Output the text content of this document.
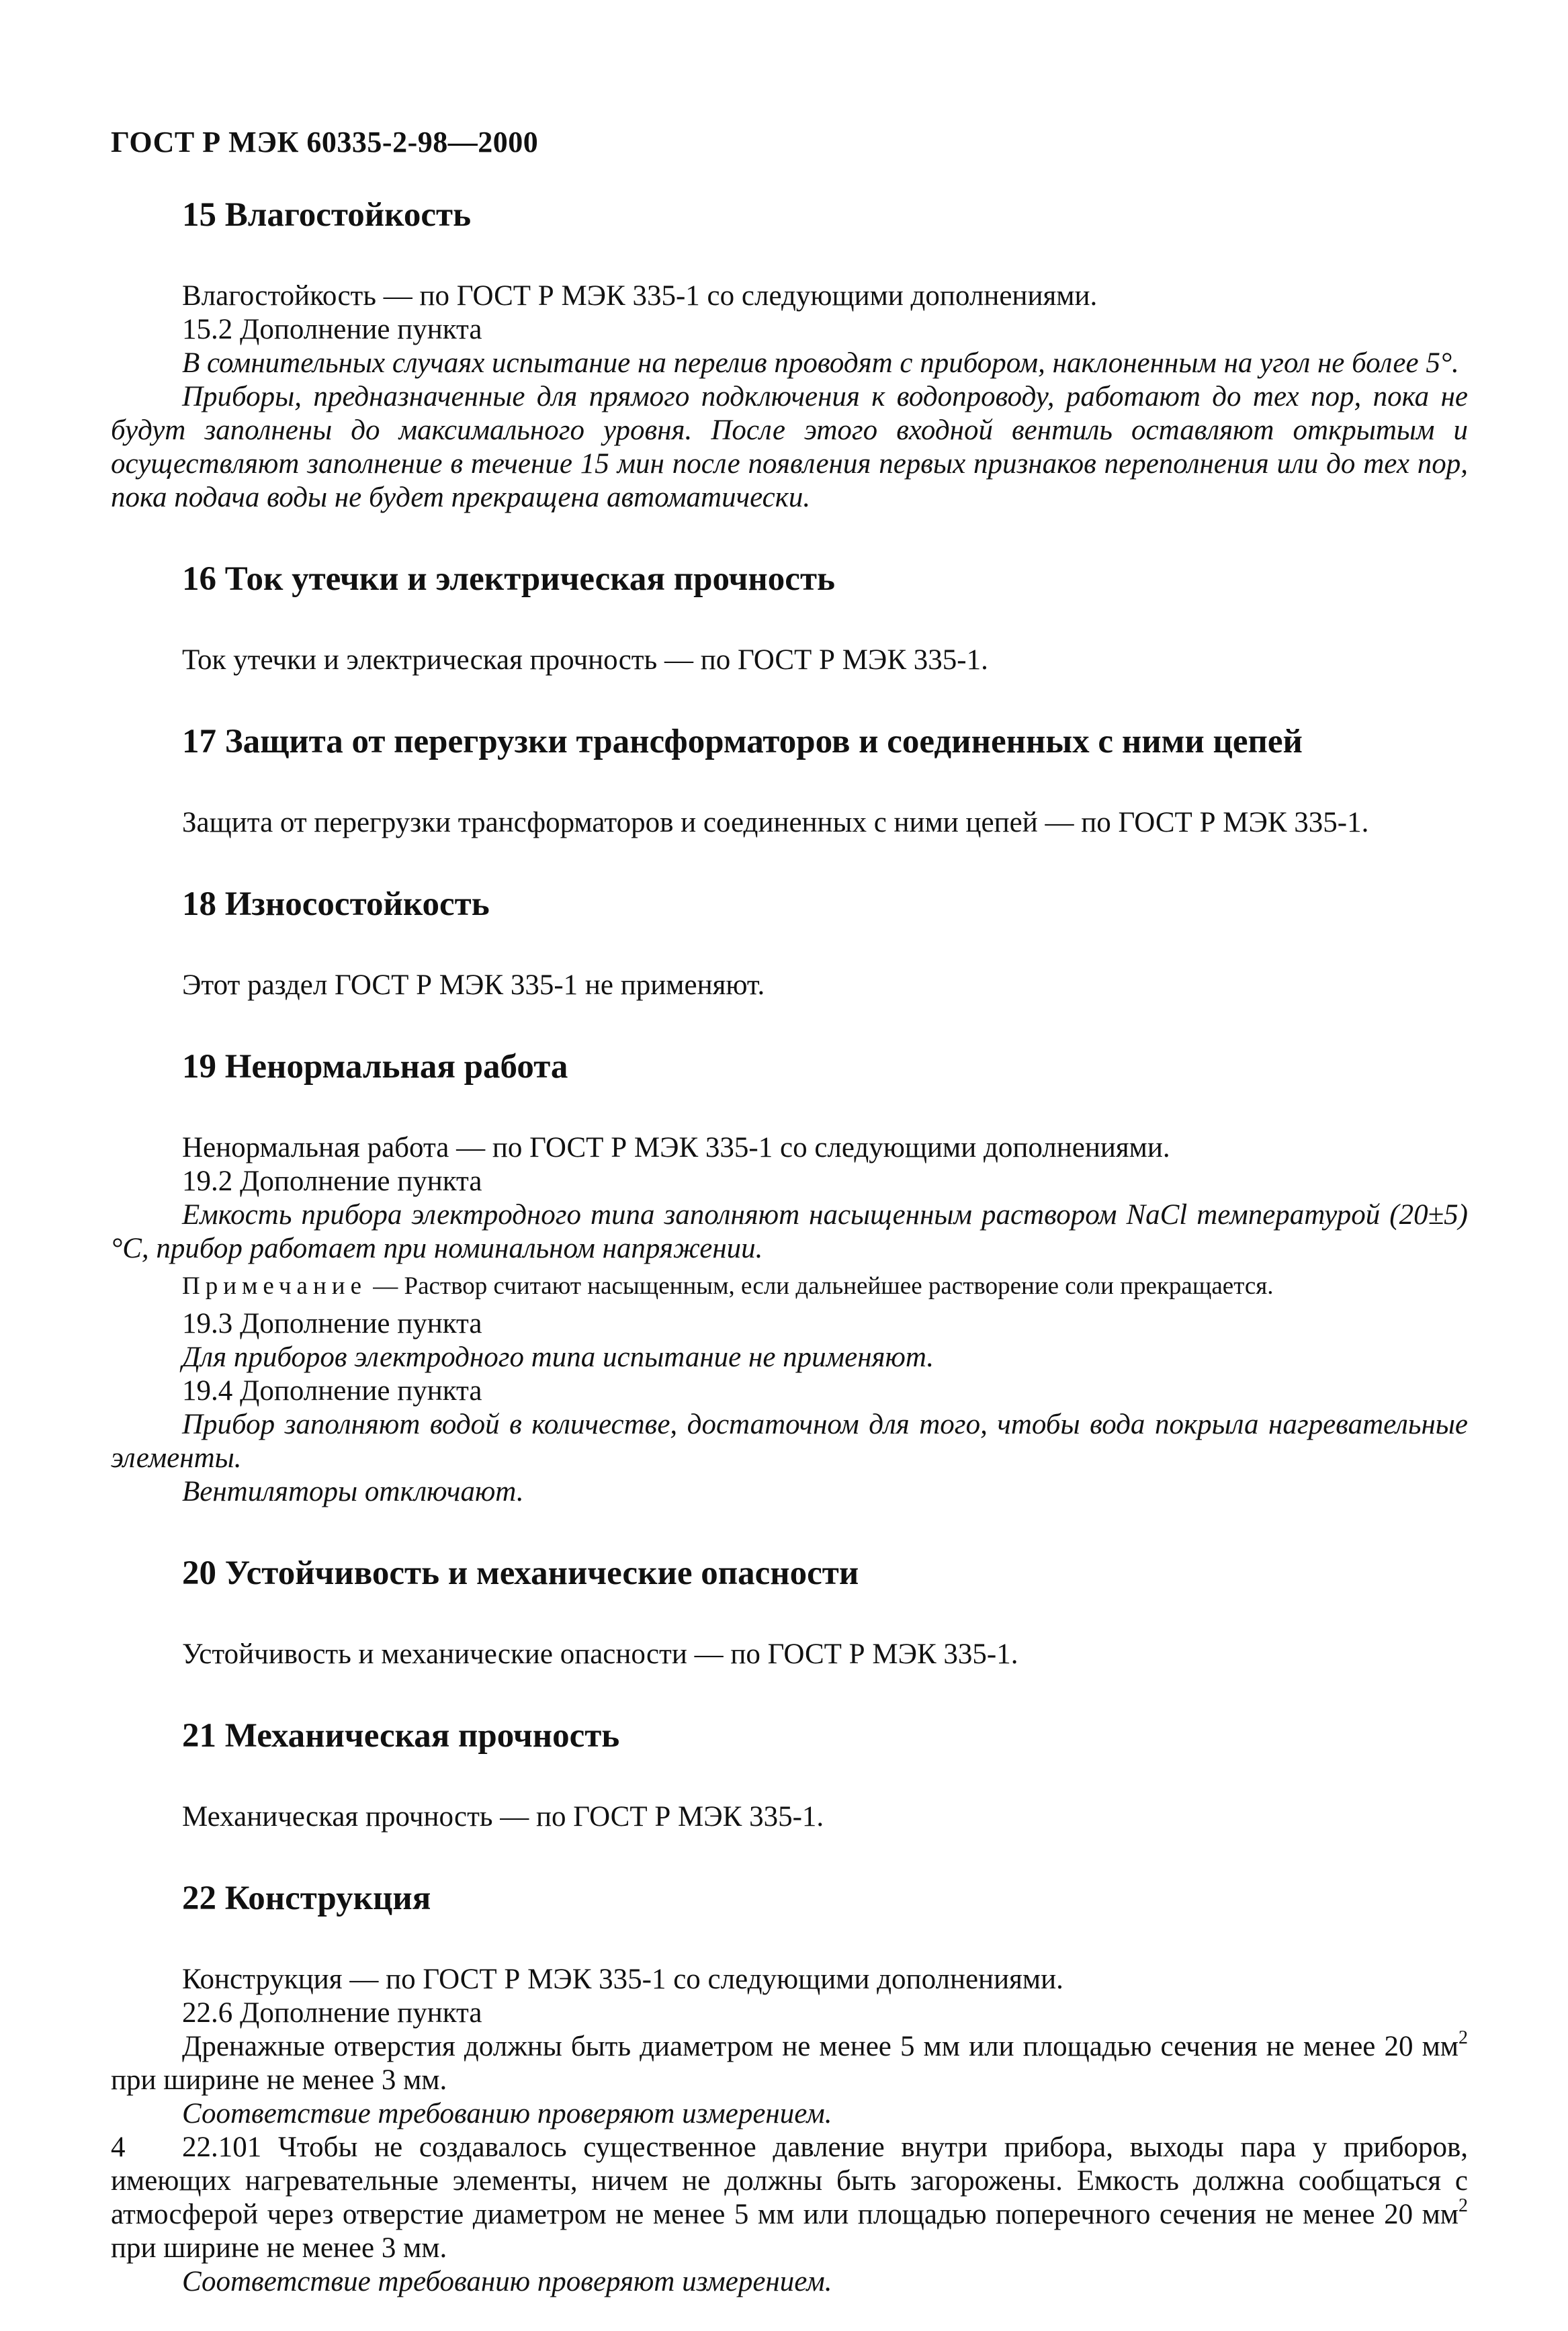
ГОСТ Р МЭК 60335-2-98—2000
15 Влагостойкость

Влагостойкость — по ГОСТ Р МЭК 335-1 со следующими дополнениями.

15.2 Дополнение пункта

В сомнительных случаях испытание на перелив проводят с прибором, наклоненным на угол не более 5°.

Приборы, предназначенные для прямого подключения к водопроводу, работают до тех пор, пока не будут заполнены до максимального уровня. После этого входной вентиль оставляют открытым и осуществляют заполнение в течение 15 мин после появления первых признаков переполнения или до тех пор, пока подача воды не будет прекращена автоматически.

16 Ток утечки и электрическая прочность

Ток утечки и электрическая прочность — по ГОСТ Р МЭК 335-1.

17 Защита от перегрузки трансформаторов и соединенных с ними цепей

Защита от перегрузки трансформаторов и соединенных с ними цепей — по ГОСТ Р МЭК 335-1.

18 Износостойкость

Этот раздел ГОСТ Р МЭК 335-1 не применяют.

19 Ненормальная работа

Ненормальная работа — по ГОСТ Р МЭК 335-1 со следующими дополнениями.

19.2 Дополнение пункта

Емкость прибора электродного типа заполняют насыщенным раствором NaCl температурой (20±5) °С, прибор работает при номинальном напряжении.

Примечание — Раствор считают насыщенным, если дальнейшее растворение соли прекращается.

19.3 Дополнение пункта

Для приборов электродного типа испытание не применяют.

19.4 Дополнение пункта

Прибор заполняют водой в количестве, достаточном для того, чтобы вода покрыла нагревательные элементы.

Вентиляторы отключают.

20 Устойчивость и механические опасности

Устойчивость и механические опасности — по ГОСТ Р МЭК 335-1.

21 Механическая прочность

Механическая прочность — по ГОСТ Р МЭК 335-1.

22 Конструкция

Конструкция — по ГОСТ Р МЭК 335-1 со следующими дополнениями.

22.6 Дополнение пункта

Дренажные отверстия должны быть диаметром не менее 5 мм или площадью сечения не менее 20 $мм^2$ при ширине не менее 3 мм.

Соответствие требованию проверяют измерением.

22.101 Чтобы не создавалось существенное давление внутри прибора, выходы пара у приборов, имеющих нагревательные элементы, ничем не должны быть загорожены. Емкость должна сообщаться с атмосферой через отверстие диаметром не менее 5 мм или площадью поперечного сечения не менее 20 $мм^2$ при ширине не менее 3 мм.

Соответствие требованию проверяют измерением.

4
